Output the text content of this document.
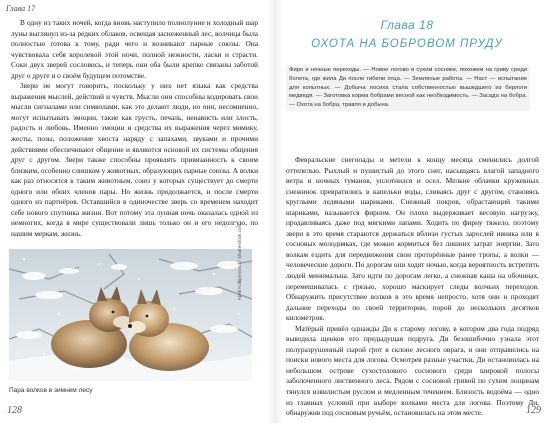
Глава 17

В одну из таких ночей, когда вновь наступило полнолуние и холодный шар луны выглянул из-за редких облаков, освещая заснеженный лес, волчица была полностью готова к тому, ради чего и возникают парные союзы. Она чувствовала себя королевой этой ночи, полной нежности, ласки и страсти. Соки двух зверей сословись, и теперь они оба были крепко связаны заботой друг о друге и о своём будущем потомстве.

Звери не могут говорить, поскольку у них нет языка как средства выражения мыслей, действий и чувств. Мысли они способны кодировать свои мысли сигналами или символами, как это делают люди, но они, несомненно, могут испытывать эмоции, такие как грусть, печаль, ненависть или злость, радость и любовь. Именно эмоции и средства их выражения через мимику, жесты, позы, положение хвоста наряду с запахами, звуками и прочими действиями обеспечивают общение и являются основой их системы общения друг с другом. Звери также способны проявлять привязанность к своим близким, особенно слишком у животных, образующих парные союзы. А волки как раз относятся к таким животным, союз у которых существует до смерти одного или обоих членов пары. Но жизнь продолжается, и после смерти одного из партнёров. Оставшийся в одиночестве зверь со временем находит себе нового спутника жизни. Вот потому эта лунная ночь оказалась одной из немногих, когда в мире существовали лишь только он и его недолгую, по нашим меркам, жизнь.	Kjetil Kolbjornsrud / Shutterstock.com
Пара волков в зимнем лесу
128
Глава 18
ОХОТА НА БОБРОВОМ ПРУДУ
Фирн и ночные переходы. — Новое логово в сухом сосняке, похожем на гриву среди болота, где жила Ди после гибели отца. — Земляные работы. — Наст — испытание для копытных. — Добыча лосиха стала собственностью вышедшего из берлоги медведя. — Заготовка корма бобрами весной как необходимость. — Засада на бобра. — Охота на бобра, травля и добыча.

Февральские снегопады и метели к концу месяца сменились долгой оттепелью. Рыхлый и пушистый до этого снег, насыщаясь влагой западного ветра и ночных туманов, уплотнился и осел. Мелкие облачки кружевных снежинок превратились в капельки воды, сливаясь друг с другом, становясь круглыми ледяными шариками. Снежный покров, обрастающий такими шариками, называется фирном. Он плохо выдерживает весовую нагрузку, продавливаясь даже под мягкими лапами. Ходить по фирну тяжело, поэтому звери в это время стараются держаться вблизи густых зарослей ивняка или в сосновых молодняках, где можно кормиться без лишних затрат энергии. Зато волкам ездить для передвижения свои проторённые ранее тропы, а волки — человеческие дороги. По дорогам они ходят ночью, когда вероятность встретить людей минимальна. Зато идти по дорогам легко, а снежная каша на обочинах, перемешивалась с грязью, хорошо маскирует следы волчьих переходов. Обнаружить присутствие волков в это время непросто, хотя они и проходят дальние переходы по своей территории, порой до нескольких десятков километров.

Матёрый привёл однажды Ди к старому логову, в котором два года подряд выводила щенков его предыдущая подруга. Ди безошибочно узнала этот полуразрушенный сырой грот в склоне лесного оврага, и они отправились на поиски нового места для логова. Осмотрев разные участки, Ди остановилась на небольшом острове сухостолового соснового среди широкой полосы заболоченного лиственного леса. Рядом с сосновой гривой по сухим лощинам тянулся извилистым руслом и медленным течением. Близость водоёма — одно из главных условий при выборе волками места для логова. Поэтому Ди, обнаружив под сосновым ручьём, остановилась на этом месте.	129
